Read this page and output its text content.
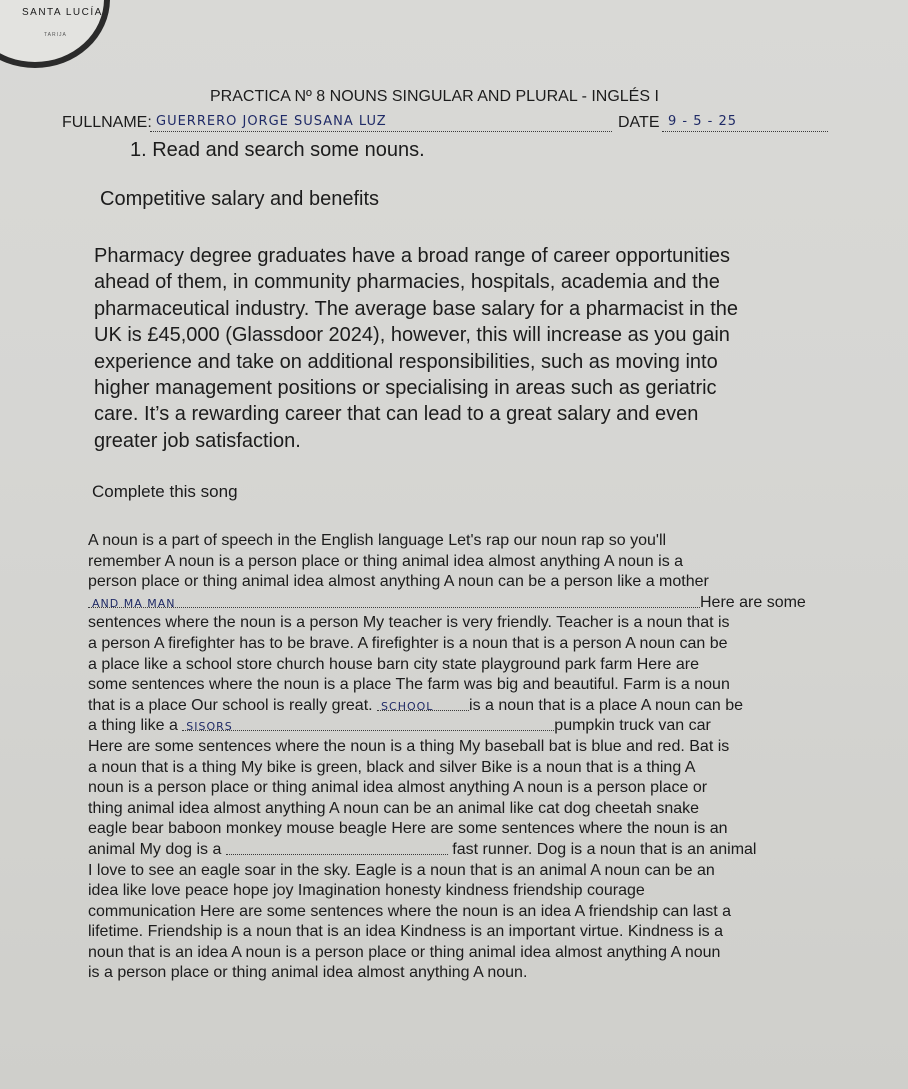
SANTA LUCÍA
TARIJA
PRACTICA Nº 8 NOUNS SINGULAR AND PLURAL - INGLÉS I
FULLNAME: GUERRERO JORGE SUSANA LUZ	DATE 9 - 5 - 25
1. Read and search some nouns.
Competitive salary and benefits
Pharmacy degree graduates have a broad range of career opportunities
ahead of them, in community pharmacies, hospitals, academia and the
pharmaceutical industry. The average base salary for a pharmacist in the
UK is £45,000 (Glassdoor 2024), however, this will increase as you gain
experience and take on additional responsibilities, such as moving into
higher management positions or specialising in areas such as geriatric
care. It’s a rewarding career that can lead to a great salary and even
greater job satisfaction.
Complete this song
A noun is a part of speech in the English language Let's rap our noun rap so you'll
remember A noun is a person place or thing animal idea almost anything A noun is a
person place or thing animal idea almost anything A noun can be a person like a mother
AND MA MAN	Here are some
sentences where the noun is a person My teacher is very friendly. Teacher is a noun that is
a person A firefighter has to be brave. A firefighter is a noun that is a person A noun can be
a place like a school store church house barn city state playground park farm Here are
some sentences where the noun is a place The farm was big and beautiful. Farm is a noun
that is a place Our school is really great. SCHOOL is a noun that is a place A noun can be
a thing like a SISORS	pumpkin truck van car
Here are some sentences where the noun is a thing My baseball bat is blue and red. Bat is
a noun that is a thing My bike is green, black and silver Bike is a noun that is a thing A
noun is a person place or thing animal idea almost anything A noun is a person place or
thing animal idea almost anything A noun can be an animal like cat dog cheetah snake
eagle bear baboon monkey mouse beagle Here are some sentences where the noun is an
animal My dog is a	fast runner. Dog is a noun that is an animal
I love to see an eagle soar in the sky. Eagle is a noun that is an animal A noun can be an
idea like love peace hope joy Imagination honesty kindness friendship courage
communication Here are some sentences where the noun is an idea A friendship can last a
lifetime. Friendship is a noun that is an idea Kindness is an important virtue. Kindness is a
noun that is an idea A noun is a person place or thing animal idea almost anything A noun
is a person place or thing animal idea almost anything A noun.
